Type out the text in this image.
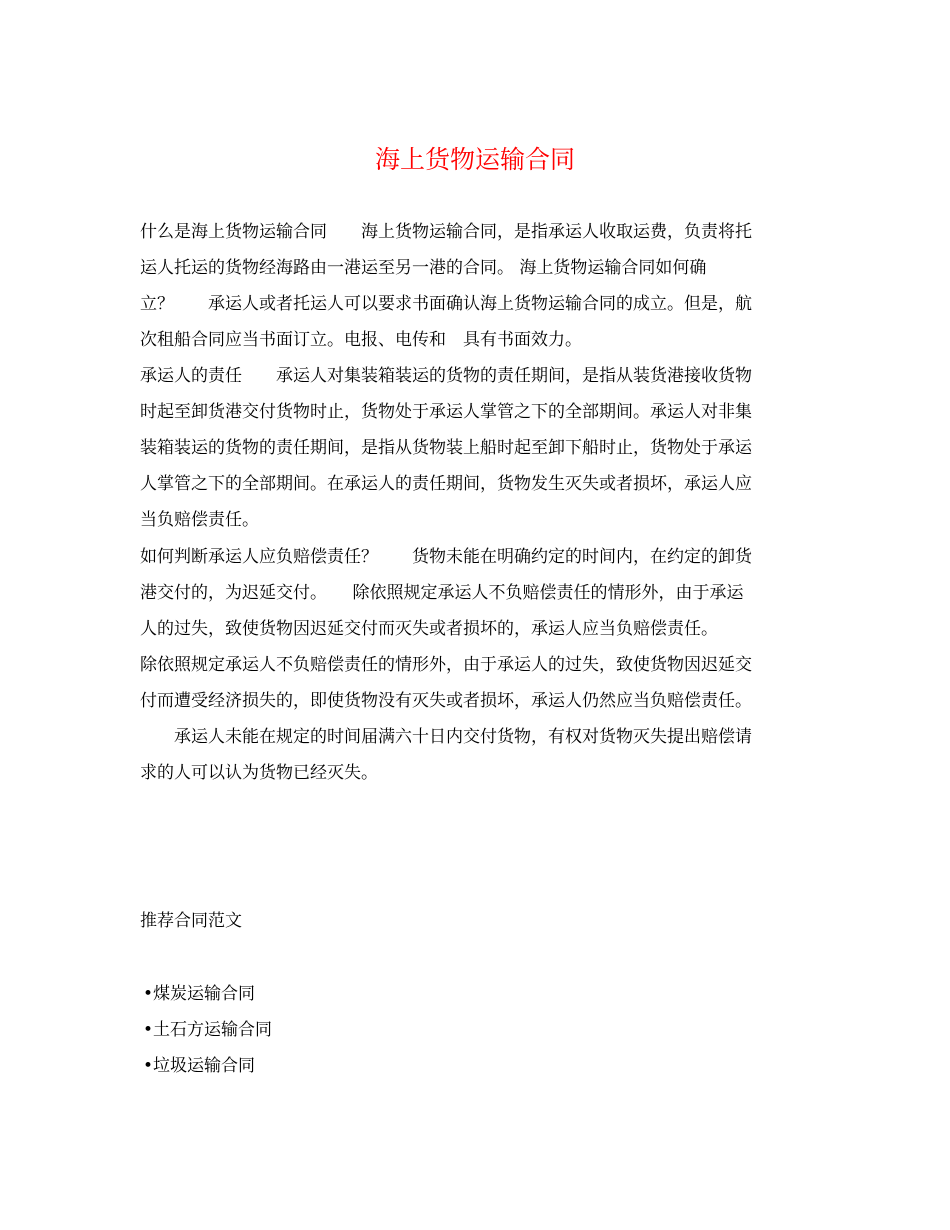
海上货物运输合同
什么是海上货物运输合同　　海上货物运输合同，是指承运人收取运费，负责将托
运人托运的货物经海路由一港运至另一港的合同。 海上货物运输合同如何确
立？　　承运人或者托运人可以要求书面确认海上货物运输合同的成立。但是，航
次租船合同应当书面订立。电报、电传和　具有书面效力。
承运人的责任　　承运人对集装箱装运的货物的责任期间，是指从装货港接收货物
时起至卸货港交付货物时止，货物处于承运人掌管之下的全部期间。承运人对非集
装箱装运的货物的责任期间，是指从货物装上船时起至卸下船时止，货物处于承运
人掌管之下的全部期间。在承运人的责任期间，货物发生灭失或者损坏，承运人应
当负赔偿责任。
如何判断承运人应负赔偿责任？　　货物未能在明确约定的时间内，在约定的卸货
港交付的，为迟延交付。　　除依照规定承运人不负赔偿责任的情形外，由于承运
人的过失，致使货物因迟延交付而灭失或者损坏的，承运人应当负赔偿责任。
除依照规定承运人不负赔偿责任的情形外，由于承运人的过失，致使货物因迟延交
付而遭受经济损失的，即使货物没有灭失或者损坏，承运人仍然应当负赔偿责任。
　　承运人未能在规定的时间届满六十日内交付货物，有权对货物灭失提出赔偿请
求的人可以认为货物已经灭失。
推荐合同范文
•煤炭运输合同
•土石方运输合同
•垃圾运输合同
